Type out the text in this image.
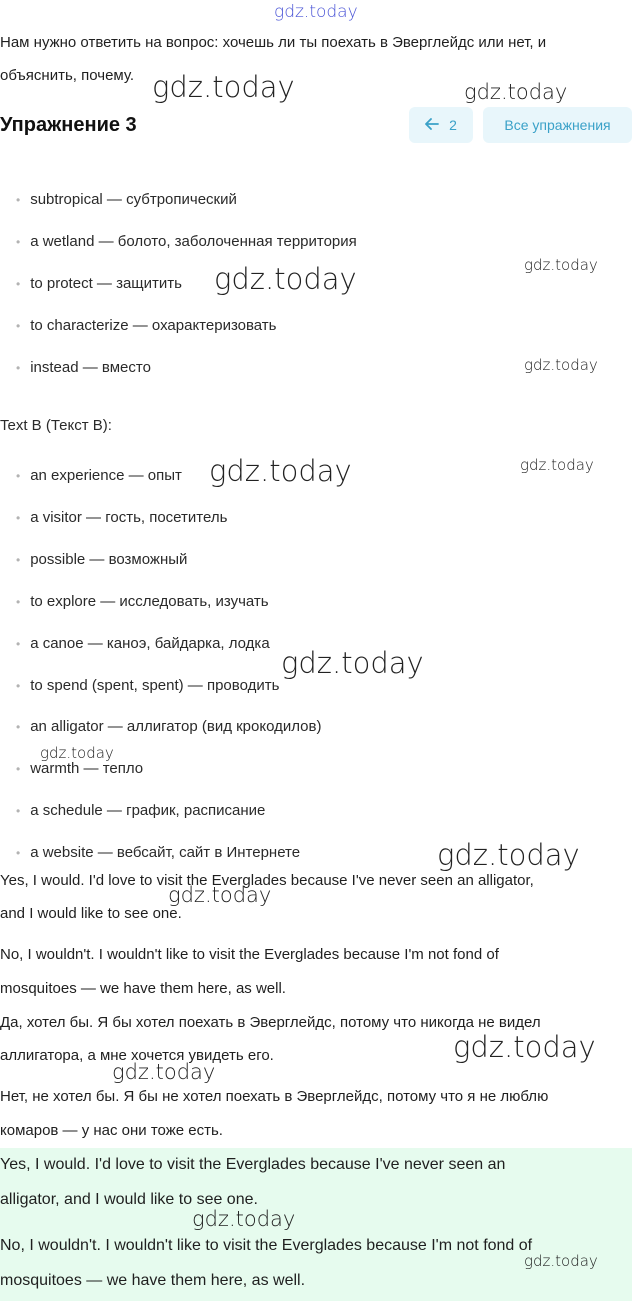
gdz.today
Нам нужно ответить на вопрос: хочешь ли ты поехать в Эверглейдс или нет, и
объяснить, почему.
Упражнение 3	2	Все упражнения
• subtropical — субтропический
• a wetland — болото, заболоченная территория
• to protect — защитить
• to characterize — охарактеризовать
• instead — вместо
Text B (Текст B):
• an experience — опыт
• a visitor — гость, посетитель
• possible — возможный
• to explore — исследовать, изучать
• a canoe — каноэ, байдарка, лодка
• to spend (spent, spent) — проводить
• an alligator — аллигатор (вид крокодилов)
• warmth — тепло
• a schedule — график, расписание
• a website — вебсайт, сайт в Интернете
Yes, I would. I'd love to visit the Everglades because I've never seen an alligator,
and I would like to see one.
No, I wouldn't. I wouldn't like to visit the Everglades because I'm not fond of
mosquitoes — we have them here, as well.
Да, хотел бы. Я бы хотел поехать в Эверглейдс, потому что никогда не видел
аллигатора, а мне хочется увидеть его.
Нет, не хотел бы. Я бы не хотел поехать в Эверглейдс, потому что я не люблю
комаров — у нас они тоже есть.
Yes, I would. I'd love to visit the Everglades because I've never seen an
alligator, and I would like to see one.
No, I wouldn't. I wouldn't like to visit the Everglades because I'm not fond of
mosquitoes — we have them here, as well.
gdz.today	gdz.today
gdz.today	gdz.today
gdz.today
gdz.today	gdz.today
gdz.today
gdz.today
gdz.today
gdz.today
gdz.today
gdz.today
gdz.today
gdz.today
